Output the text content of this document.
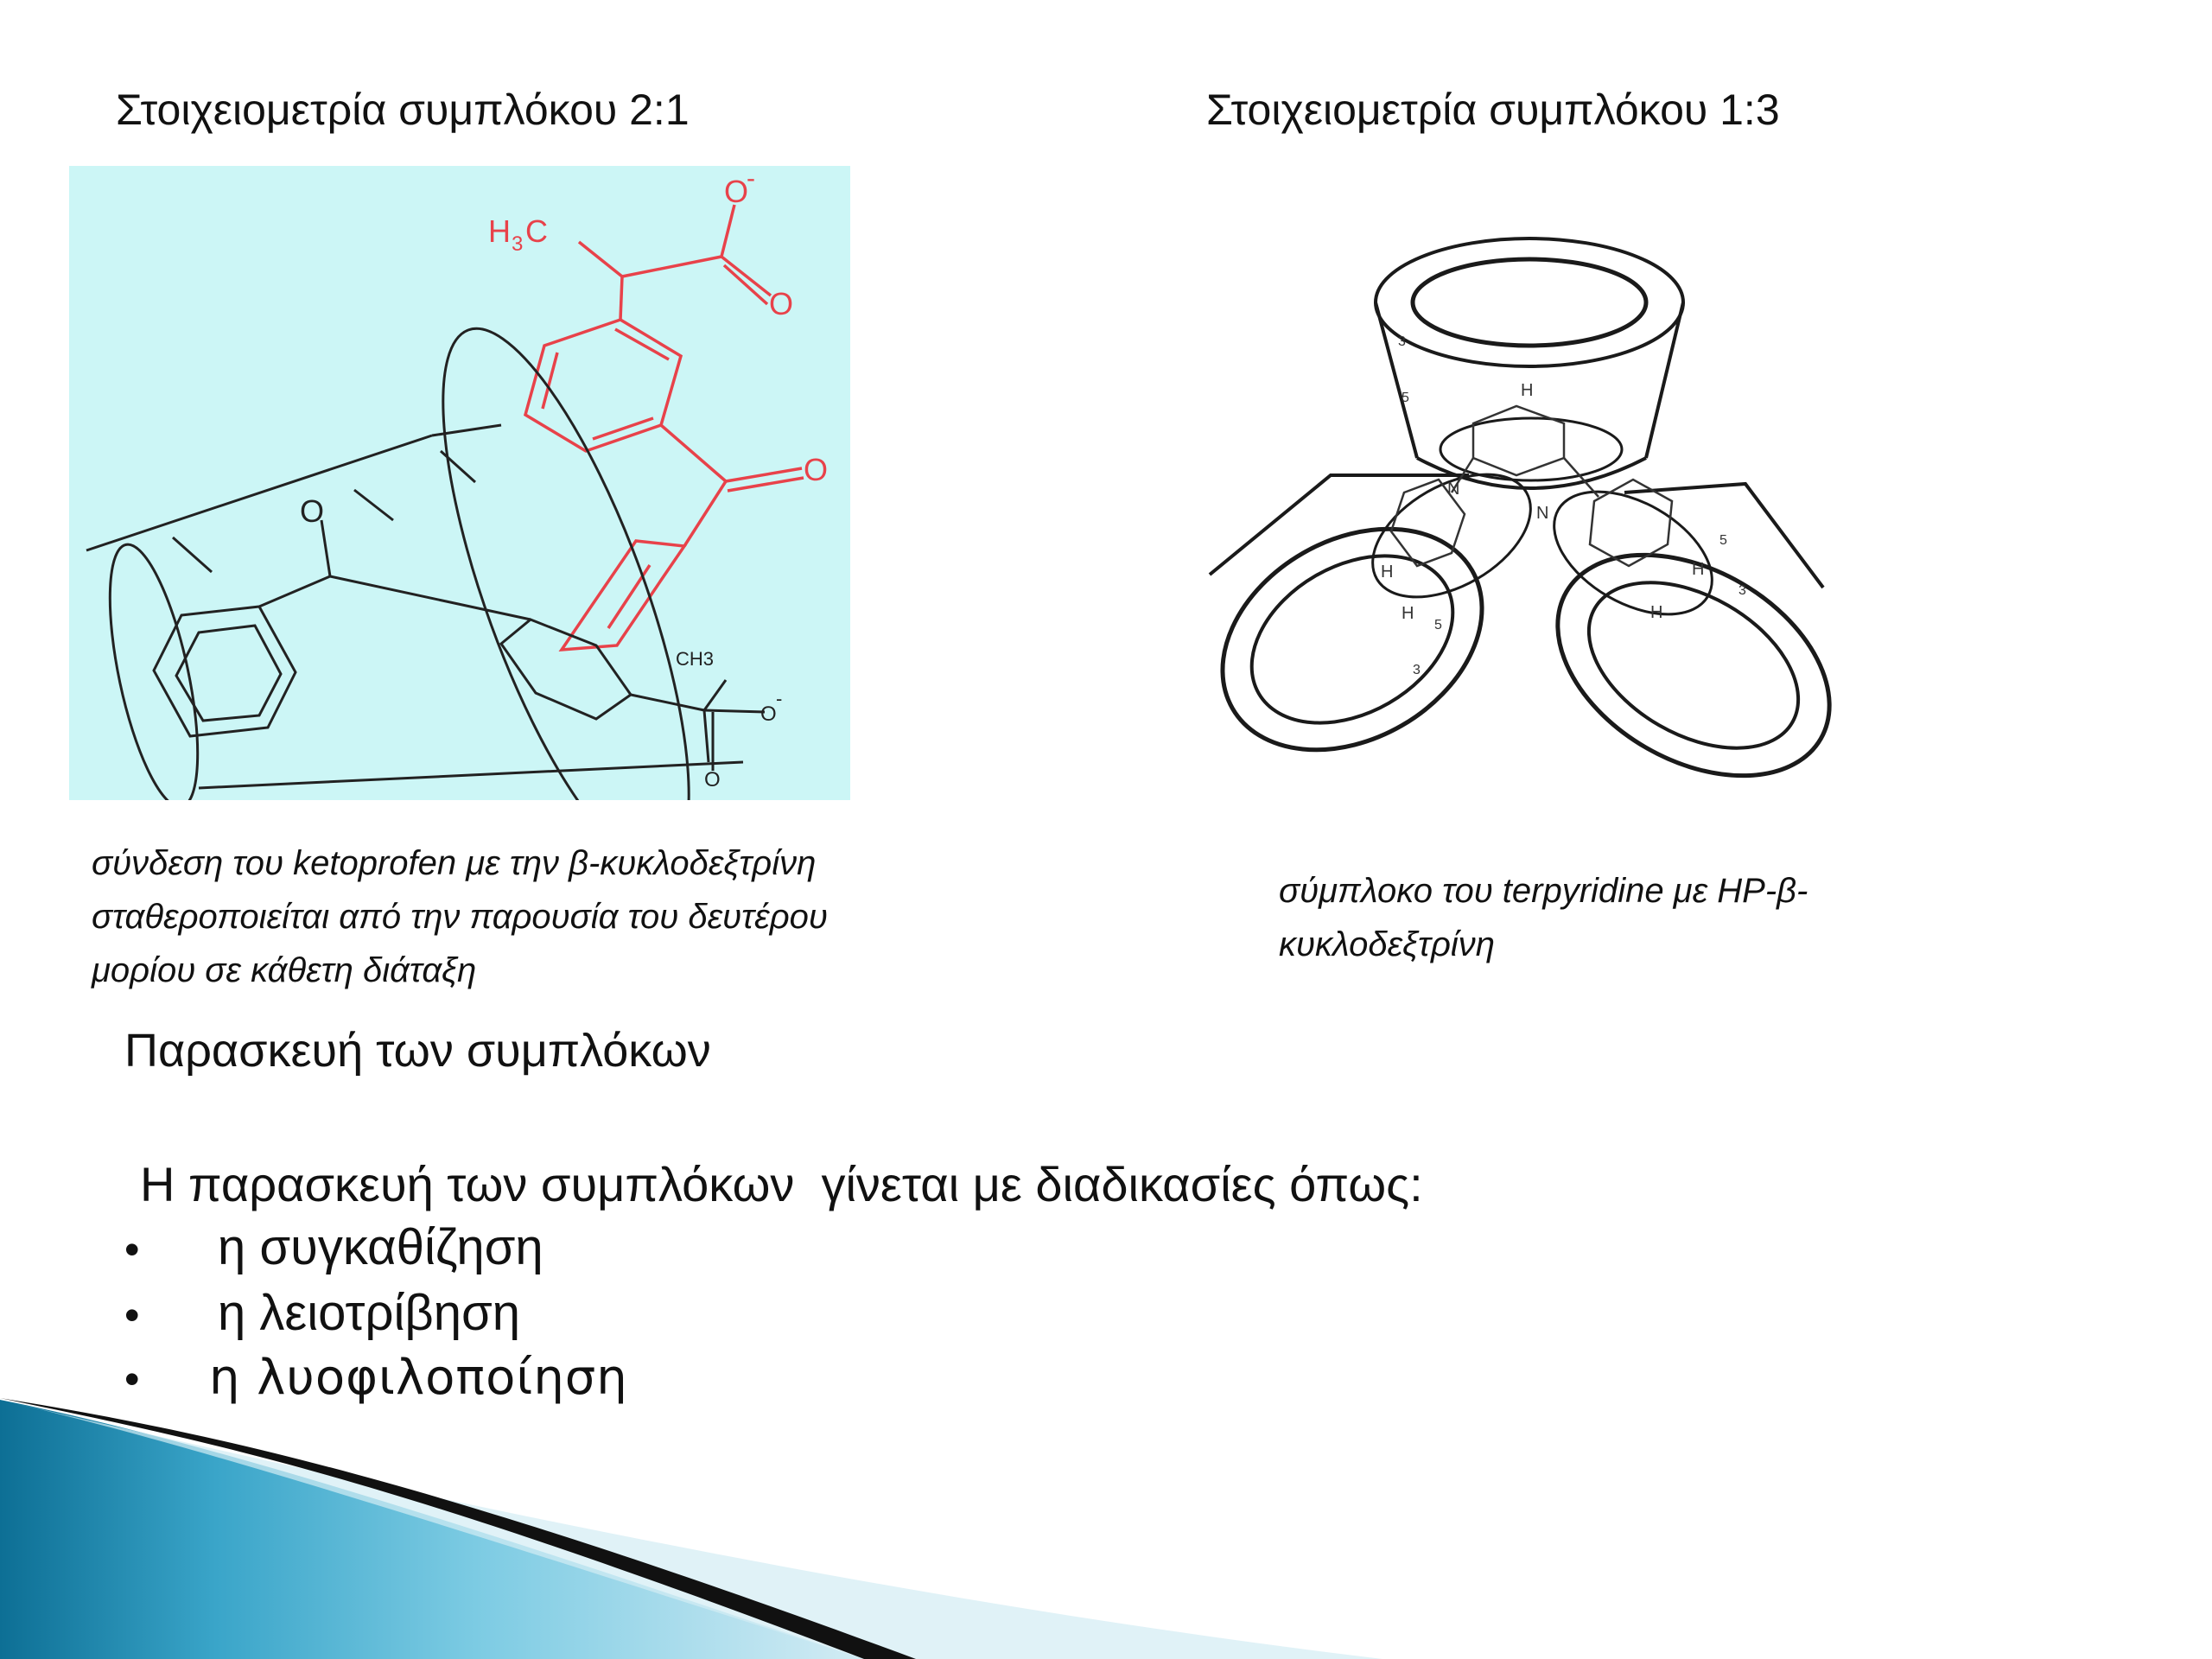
Στοιχειομετρία συμπλόκου 2:1	Στοιχειομετρία συμπλόκου 1:3
H 3 C
O
-
O
O
O
CH3
O
-
O
H
N
N
H
H	H
H
3
5
5
3
5
3
σύνδεση του ketoprofen με την β-κυκλοδεξτρίνη
σταθεροποιείται από την παρουσία του δευτέρου
μορίου σε κάθετη διάταξη
σύμπλοκο του terpyridine με HP-β-
κυκλοδεξτρίνη
Παρασκευή των συμπλόκων
Η παρασκευή των συμπλόκων  γίνεται με διαδικασίες όπως:
•	η συγκαθίζηση
•	η λειοτρίβηση
•	η λυοφιλοποίηση
